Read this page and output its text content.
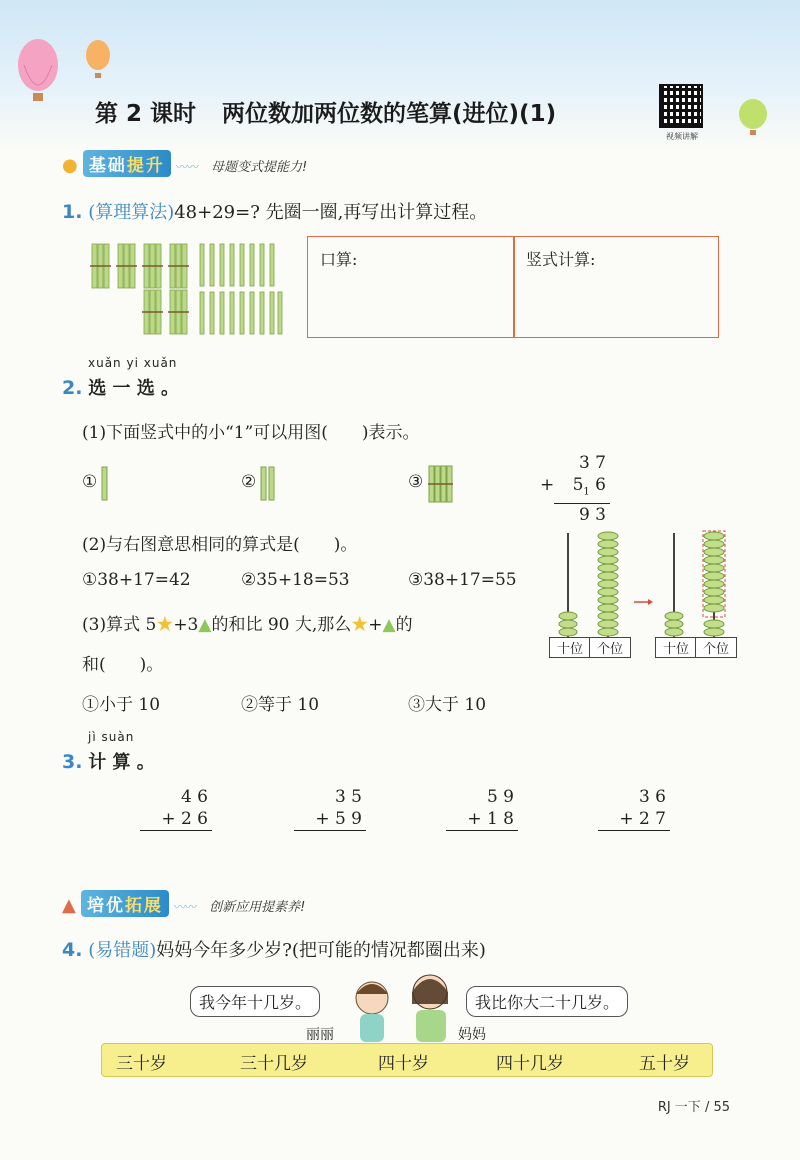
第 2 课时 两位数加两位数的笔算(进位)(1)
视频讲解
● 基础提升 〰〰 母题变式提能力!
1. (算理算法)48+29=? 先圈一圈,再写出计算过程。
口算:	竖式计算:
xuǎn yi xuǎn
2. 选 一 选 。
(1)下面竖式中的小“1”可以用图(　　)表示。
①	②	③
3 7
+ $5_1$ 6
9 3
(2)与右图意思相同的算式是(　　)。
①38+17=42	②35+18=53	③38+17=55
(3)算式 5★+3▲的和比 90 大,那么★+▲的
和(　　)。
①小于 10	②等于 10	③大于 10
十位	个位	十位	个位
jì suàn
3. 计 算 。
4 6
+ 2 6
3 5
+ 5 9
5 9
+ 1 8
3 6
+ 2 7
▲ 培优拓展 〰〰 创新应用提素养!
4. (易错题)妈妈今年多少岁?(把可能的情况都圈出来)
我今年十几岁。	我比你大二十几岁。
丽丽	妈妈
三十岁	三十几岁	四十岁	四十几岁	五十岁
RJ 一下 / 55
